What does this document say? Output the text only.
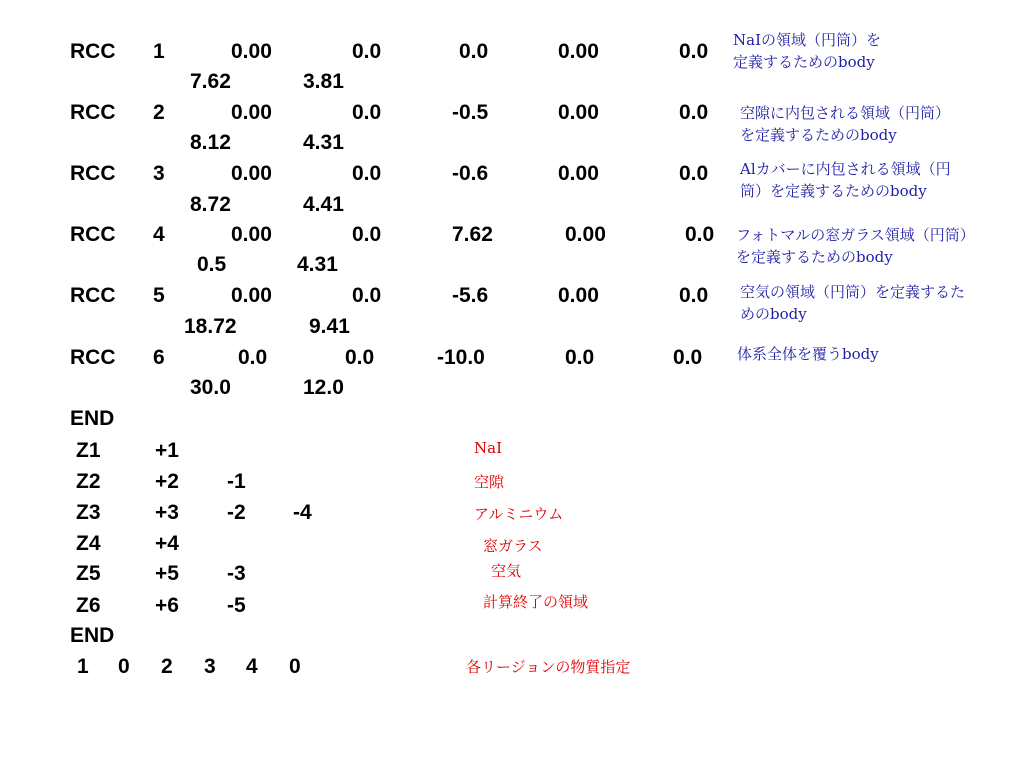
RCC 1	0.00	0.0	0.0	0.00	0.0
7.62	3.81
RCC 2	0.00	0.0	-0.5	0.00	0.0
8.12	4.31
RCC 3	0.00	0.0	-0.6	0.00	0.0
8.72	4.41
RCC 4	0.00	0.0	7.62	0.00	0.0
0.5	4.31
RCC 5	0.00	0.0	-5.6	0.00	0.0
18.72	9.41
RCC 6	0.0	0.0	-10.0	0.0	0.0
30.0	12.0
END
Z1	+1
Z2	+2 -1
Z3	+3 -2 -4
Z4	+4
Z5	+5 -3
Z6	+6 -5
END
1 0 2 3 4 0
NaIの領域（円筒）を
定義するためのbody
空隙に内包される領域（円筒）
を定義するためのbody
Alカバーに内包される領域（円
筒）を定義するためのbody
フォトマルの窓ガラス領域（円筒）
を定義するためのbody
空気の領域（円筒）を定義するた
めのbody
体系全体を覆うbody
NaI
空隙
アルミニウム
窓ガラス
空気
計算終了の領域
各リージョンの物質指定
